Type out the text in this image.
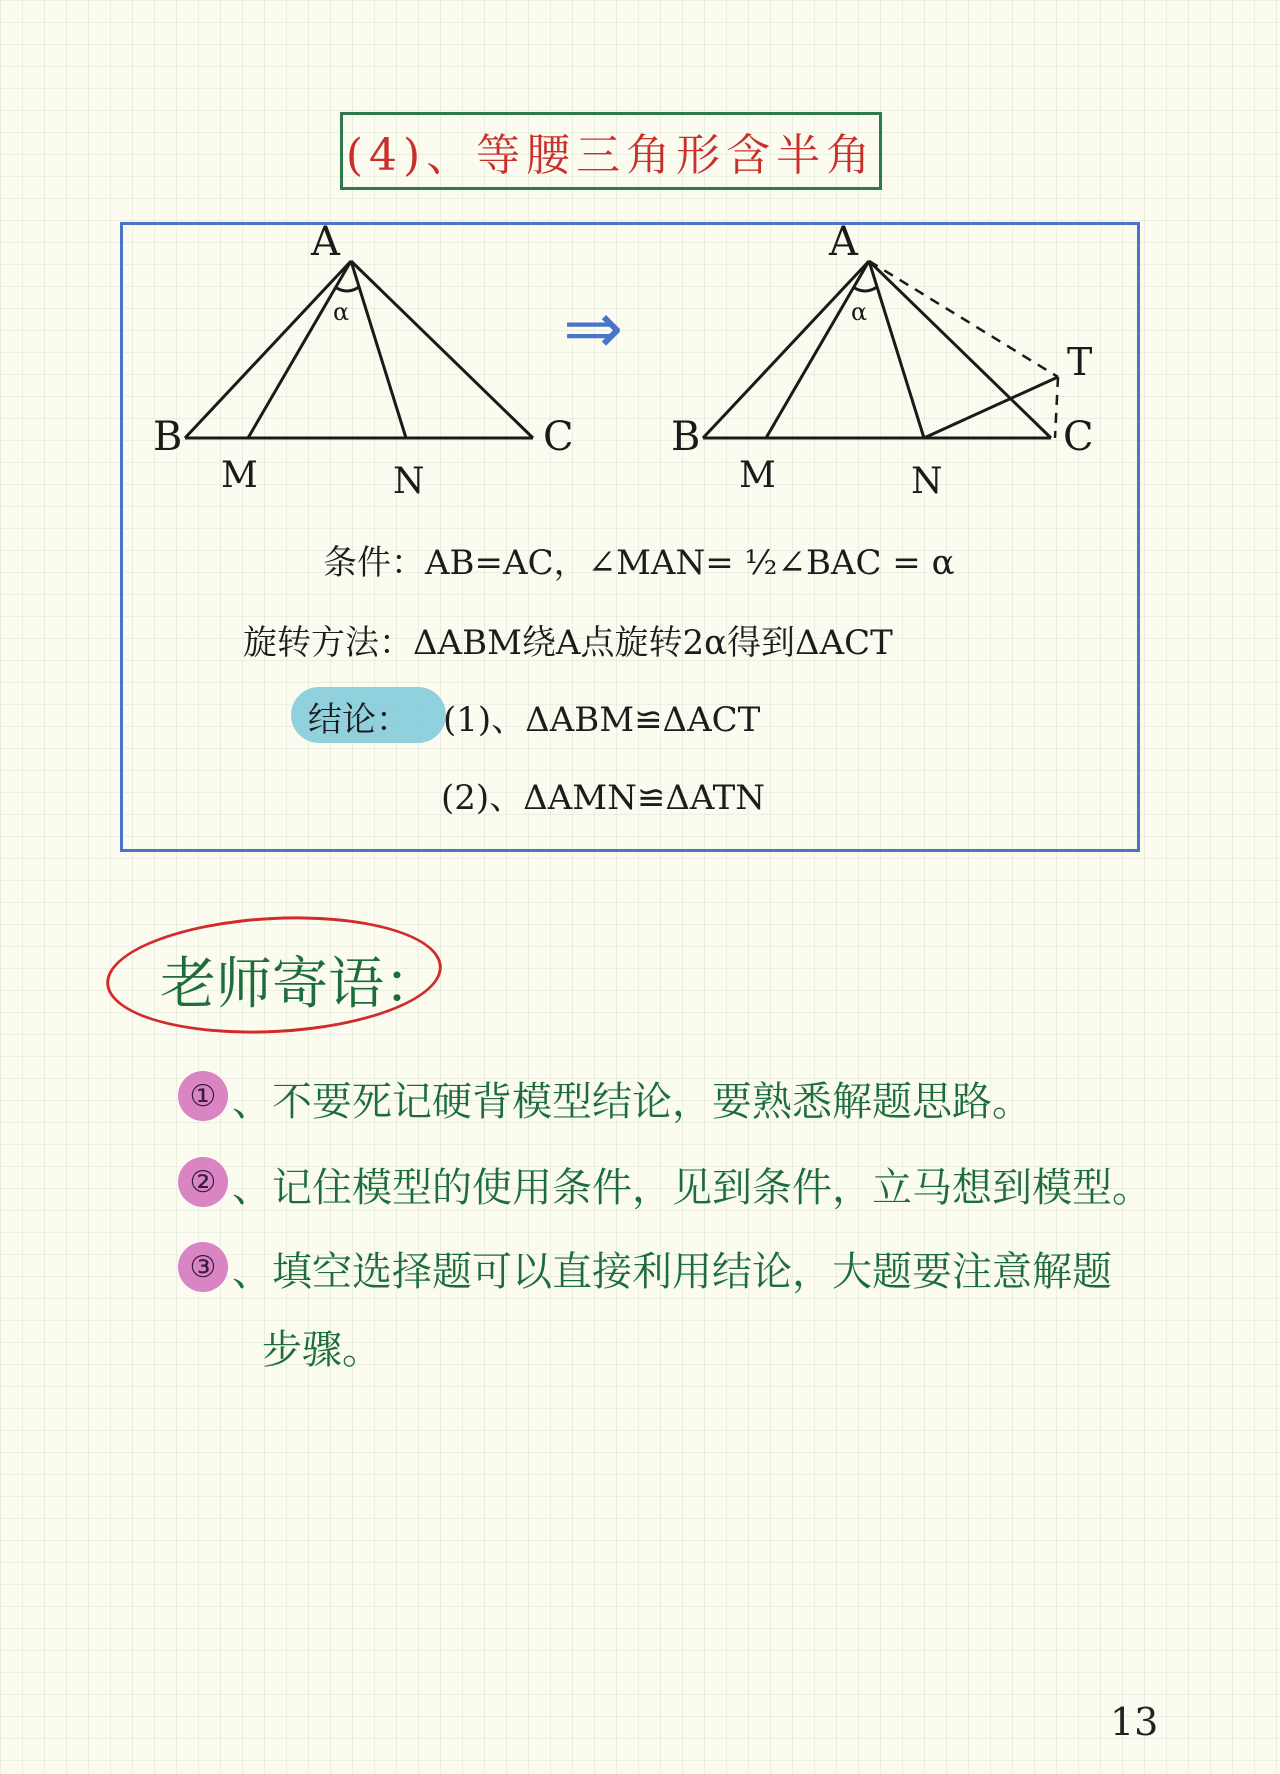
(4)、等腰三角形含半角
A
B	C
M	N
α	⇒
A
B	C
T
M	N
α
条件：AB=AC，∠MAN= ½∠BAC = α
旋转方法：ΔABM绕A点旋转2α得到ΔACT
结论： (1)、ΔABM≌ΔACT
(2)、ΔAMN≌ΔATN
老师寄语：
① 、不要死记硬背模型结论，要熟悉解题思路。
② 、记住模型的使用条件，见到条件，立马想到模型。
③ 、填空选择题可以直接利用结论，大题要注意解题
步骤。
13
